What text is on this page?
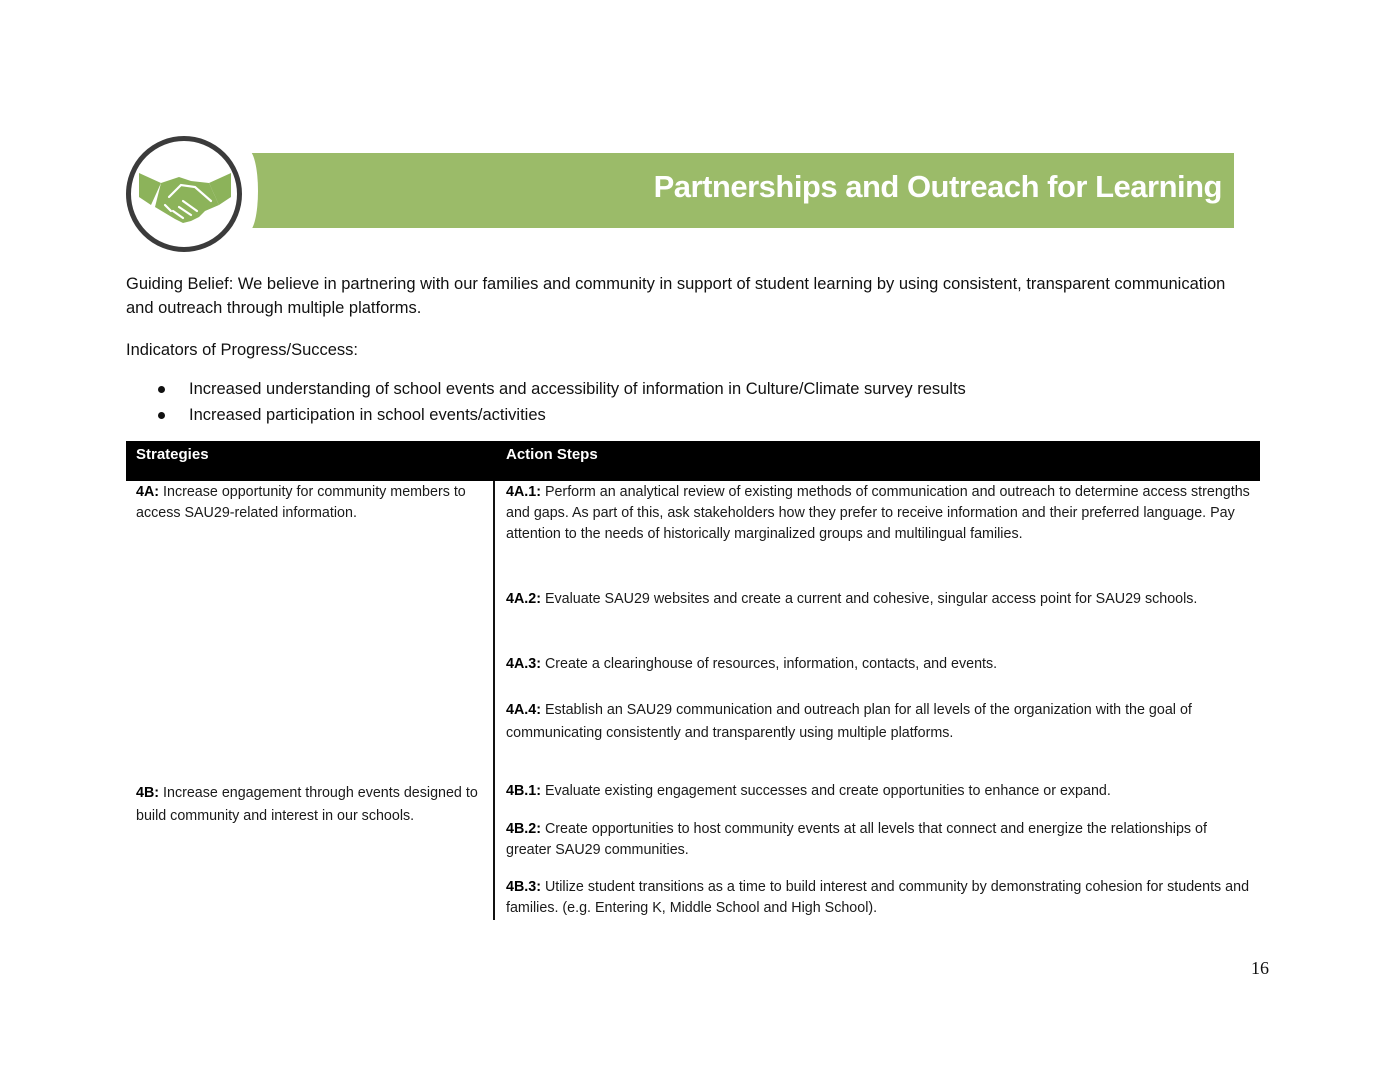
Partnerships and Outreach for Learning
Guiding Belief: We believe in partnering with our families and community in support of student learning by using consistent, transparent communication and outreach through multiple platforms.
Indicators of Progress/Success:
Increased understanding of school events and accessibility of information in Culture/Climate survey results
Increased participation in school events/activities
Strategies	Action Steps
4A: Increase opportunity for community members to access SAU29-related information.
4A.1: Perform an analytical review of existing methods of communication and outreach to determine access strengths and gaps. As part of this, ask stakeholders how they prefer to receive information and their preferred language. Pay attention to the needs of historically marginalized groups and multilingual families.
4A.2: Evaluate SAU29 websites and create a current and cohesive, singular access point for SAU29 schools.
4A.3: Create a clearinghouse of resources, information, contacts, and events.
4A.4: Establish an SAU29 communication and outreach plan for all levels of the organization with the goal of communicating consistently and transparently using multiple platforms.
4B: Increase engagement through events designed to build community and interest in our schools.
4B.1: Evaluate existing engagement successes and create opportunities to enhance or expand.
4B.2: Create opportunities to host community events at all levels that connect and energize the relationships of greater SAU29 communities.
4B.3: Utilize student transitions as a time to build interest and community by demonstrating cohesion for students and families. (e.g. Entering K, Middle School and High School).
16
